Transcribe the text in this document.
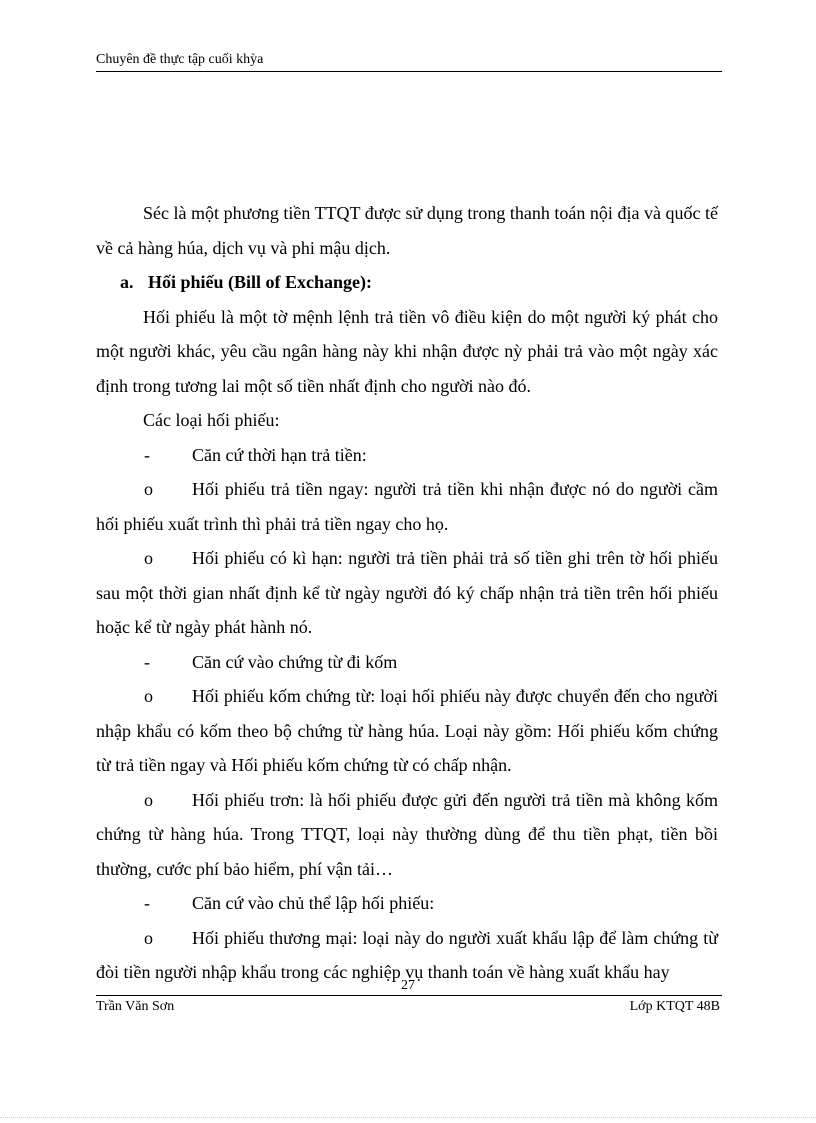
Chuyên đề thực tập cuối khỳa

Séc là một phương tiền TTQT được sử dụng trong thanh toán nội địa và quốc tế về cả hàng húa, dịch vụ và phi mậu dịch.

a. Hối phiếu (Bill of Exchange):

Hối phiếu là một tờ mệnh lệnh trả tiền vô điều kiện do một người ký phát cho một người khác, yêu cầu ngân hàng này khi nhận được nỳ phải trả vào một ngày xác định trong tương lai một số tiền nhất định cho người nào đó.

Các loại hối phiếu:

-	Căn cứ thời hạn trả tiền:

o Hối phiếu trả tiền ngay: người trả tiền khi nhận được nó do người cầm hối phiếu xuất trình thì phải trả tiền ngay cho họ.

o Hối phiếu có kì hạn: người trả tiền phải trả số tiền ghi trên tờ hối phiếu sau một thời gian nhất định kể từ ngày người đó ký chấp nhận trả tiền trên hối phiếu hoặc kể từ ngày phát hành nó.

-	Căn cứ vào chứng từ đi kốm

o Hối phiếu kốm chứng từ: loại hối phiếu này được chuyển đến cho người nhập khẩu có kốm theo bộ chứng từ hàng húa. Loại này gồm: Hối phiếu kốm chứng từ trả tiền ngay và Hối phiếu kốm chứng từ có chấp nhận.

o Hối phiếu trơn: là hối phiếu được gửi đến người trả tiền mà không kốm chứng từ hàng húa. Trong TTQT, loại này thường dùng để thu tiền phạt, tiền bồi thường, cước phí bảo hiểm, phí vận tải…

-	Căn cứ vào chủ thể lập hối phiếu:

o Hối phiếu thương mại: loại này do người xuất khẩu lập để làm chứng từ đòi tiền người nhập khẩu trong các nghiệp vụ thanh toán về hàng xuất khẩu hay

27
Trần Văn Sơn	Lớp KTQT 48B
